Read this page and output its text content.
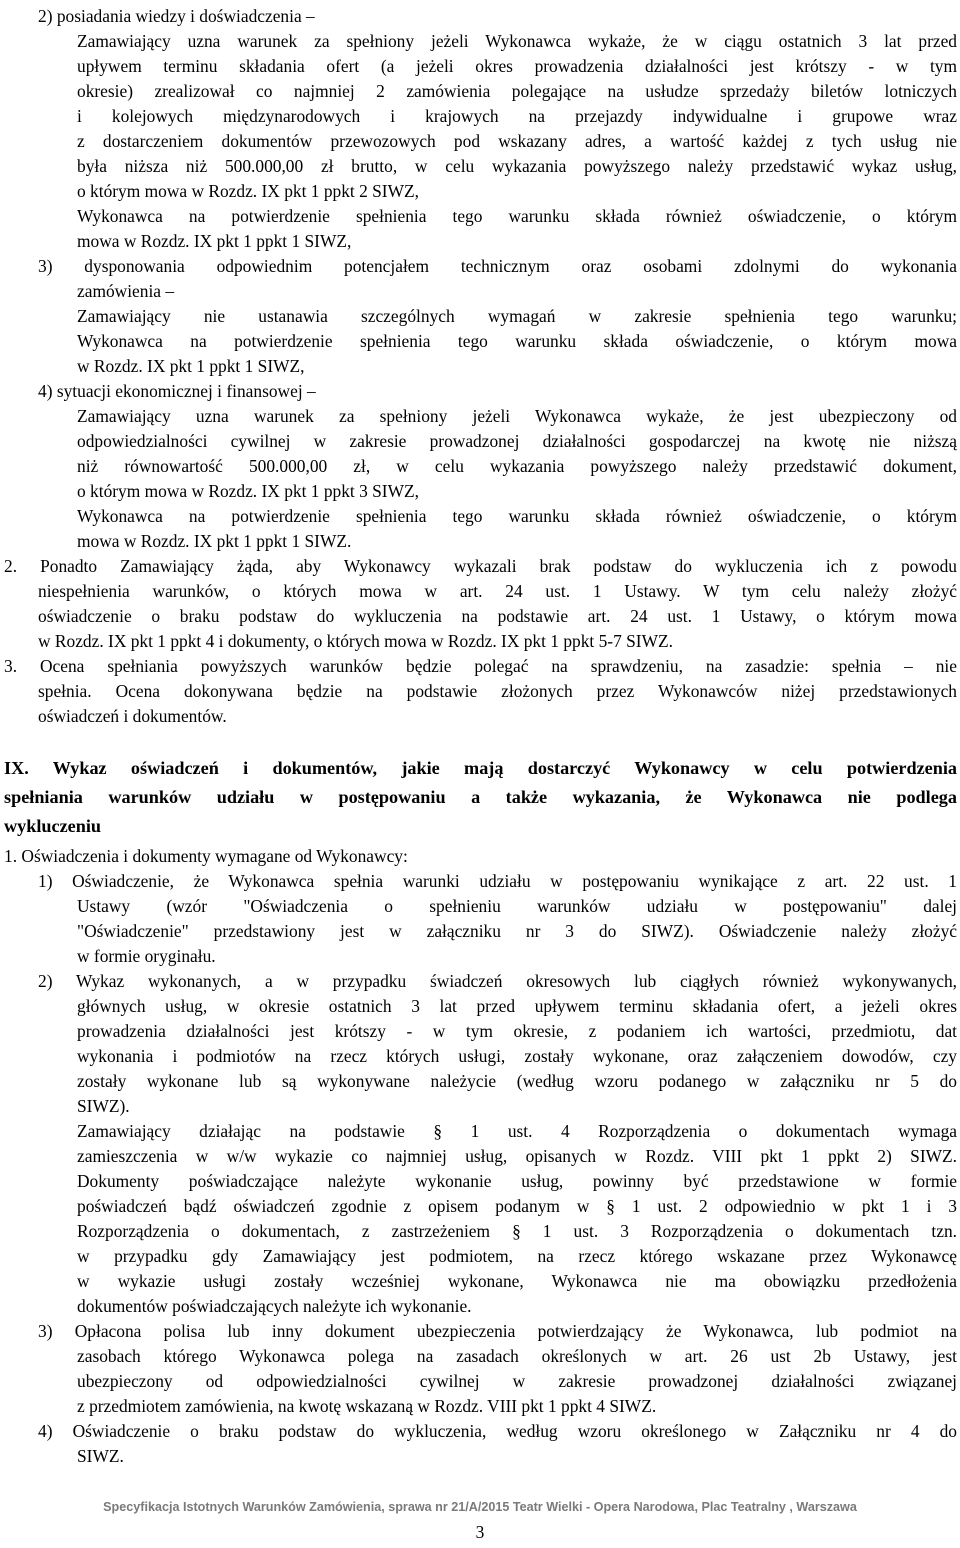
2) posiadania wiedzy i doświadczenia –
Zamawiający uzna warunek za spełniony jeżeli Wykonawca wykaże, że w ciągu ostatnich 3 lat przed
upływem terminu składania ofert (a jeżeli okres prowadzenia działalności jest krótszy - w tym
okresie) zrealizował co najmniej 2 zamówienia polegające na usłudze sprzedaży biletów lotniczych
i kolejowych międzynarodowych i krajowych na przejazdy indywidualne i grupowe wraz
z dostarczeniem dokumentów przewozowych pod wskazany adres, a wartość każdej z tych usług nie
była niższa niż 500.000,00 zł brutto, w celu wykazania powyższego należy przedstawić wykaz usług,
o którym mowa w Rozdz. IX pkt 1 ppkt 2 SIWZ,
Wykonawca na potwierdzenie spełnienia tego warunku składa również oświadczenie, o którym
mowa w Rozdz. IX pkt 1 ppkt 1 SIWZ,
3) dysponowania odpowiednim potencjałem technicznym oraz osobami zdolnymi do wykonania
zamówienia –
Zamawiający nie ustanawia szczególnych wymagań w zakresie spełnienia tego warunku;
Wykonawca na potwierdzenie spełnienia tego warunku składa oświadczenie, o którym mowa
w Rozdz. IX pkt 1 ppkt 1 SIWZ,
4) sytuacji ekonomicznej i finansowej –
Zamawiający uzna warunek za spełniony jeżeli Wykonawca wykaże, że jest ubezpieczony od
odpowiedzialności cywilnej w zakresie prowadzonej działalności gospodarczej na kwotę nie niższą
niż równowartość 500.000,00 zł, w celu wykazania powyższego należy przedstawić dokument,
o którym mowa w Rozdz. IX pkt 1 ppkt 3 SIWZ,
Wykonawca na potwierdzenie spełnienia tego warunku składa również oświadczenie, o którym
mowa w Rozdz. IX pkt 1 ppkt 1 SIWZ.
2. Ponadto Zamawiający żąda, aby Wykonawcy wykazali brak podstaw do wykluczenia ich z powodu
niespełnienia warunków, o których mowa w art. 24 ust. 1 Ustawy. W tym celu należy złożyć
oświadczenie o braku podstaw do wykluczenia na podstawie art. 24 ust. 1 Ustawy, o którym mowa
w Rozdz. IX pkt 1 ppkt 4 i dokumenty, o których mowa w Rozdz. IX pkt 1 ppkt 5-7 SIWZ.
3. Ocena spełniania powyższych warunków będzie polegać na sprawdzeniu, na zasadzie: spełnia – nie
spełnia. Ocena dokonywana będzie na podstawie złożonych przez Wykonawców niżej przedstawionych
oświadczeń i dokumentów.
IX. Wykaz oświadczeń i dokumentów, jakie mają dostarczyć Wykonawcy w celu potwierdzenia
spełniania warunków udziału w postępowaniu a także wykazania, że Wykonawca nie podlega
wykluczeniu
1. Oświadczenia i dokumenty wymagane od Wykonawcy:
1) Oświadczenie, że Wykonawca spełnia warunki udziału w postępowaniu wynikające z art. 22 ust. 1
Ustawy (wzór "Oświadczenia o spełnieniu warunków udziału w postępowaniu" dalej
"Oświadczenie" przedstawiony jest w załączniku nr 3 do SIWZ). Oświadczenie należy złożyć
w formie oryginału.
2) Wykaz wykonanych, a w przypadku świadczeń okresowych lub ciągłych również wykonywanych,
głównych usług, w okresie ostatnich 3 lat przed upływem terminu składania ofert, a jeżeli okres
prowadzenia działalności jest krótszy - w tym okresie, z podaniem ich wartości, przedmiotu, dat
wykonania i podmiotów na rzecz których usługi, zostały wykonane, oraz załączeniem dowodów, czy
zostały wykonane lub są wykonywane należycie (według wzoru podanego w załączniku nr 5 do
SIWZ).
Zamawiający działając na podstawie § 1 ust. 4 Rozporządzenia o dokumentach wymaga
zamieszczenia w w/w wykazie co najmniej usług, opisanych w Rozdz. VIII pkt 1 ppkt 2) SIWZ.
Dokumenty poświadczające należyte wykonanie usług, powinny być przedstawione w formie
poświadczeń bądź oświadczeń zgodnie z opisem podanym w § 1 ust. 2 odpowiednio w pkt 1 i 3
Rozporządzenia o dokumentach, z zastrzeżeniem § 1 ust. 3 Rozporządzenia o dokumentach tzn.
w przypadku gdy Zamawiający jest podmiotem, na rzecz którego wskazane przez Wykonawcę
w wykazie usługi zostały wcześniej wykonane, Wykonawca nie ma obowiązku przedłożenia
dokumentów poświadczających należyte ich wykonanie.
3) Opłacona polisa lub inny dokument ubezpieczenia potwierdzający że Wykonawca, lub podmiot na
zasobach którego Wykonawca polega na zasadach określonych w art. 26 ust 2b Ustawy, jest
ubezpieczony od odpowiedzialności cywilnej w zakresie prowadzonej działalności związanej
z przedmiotem zamówienia, na kwotę wskazaną w Rozdz. VIII pkt 1 ppkt 4 SIWZ.
4) Oświadczenie o braku podstaw do wykluczenia, według wzoru określonego w Załączniku nr 4 do
SIWZ.
Specyfikacja Istotnych Warunków Zamówienia, sprawa nr 21/A/2015 Teatr Wielki - Opera Narodowa, Plac Teatralny , Warszawa
3
